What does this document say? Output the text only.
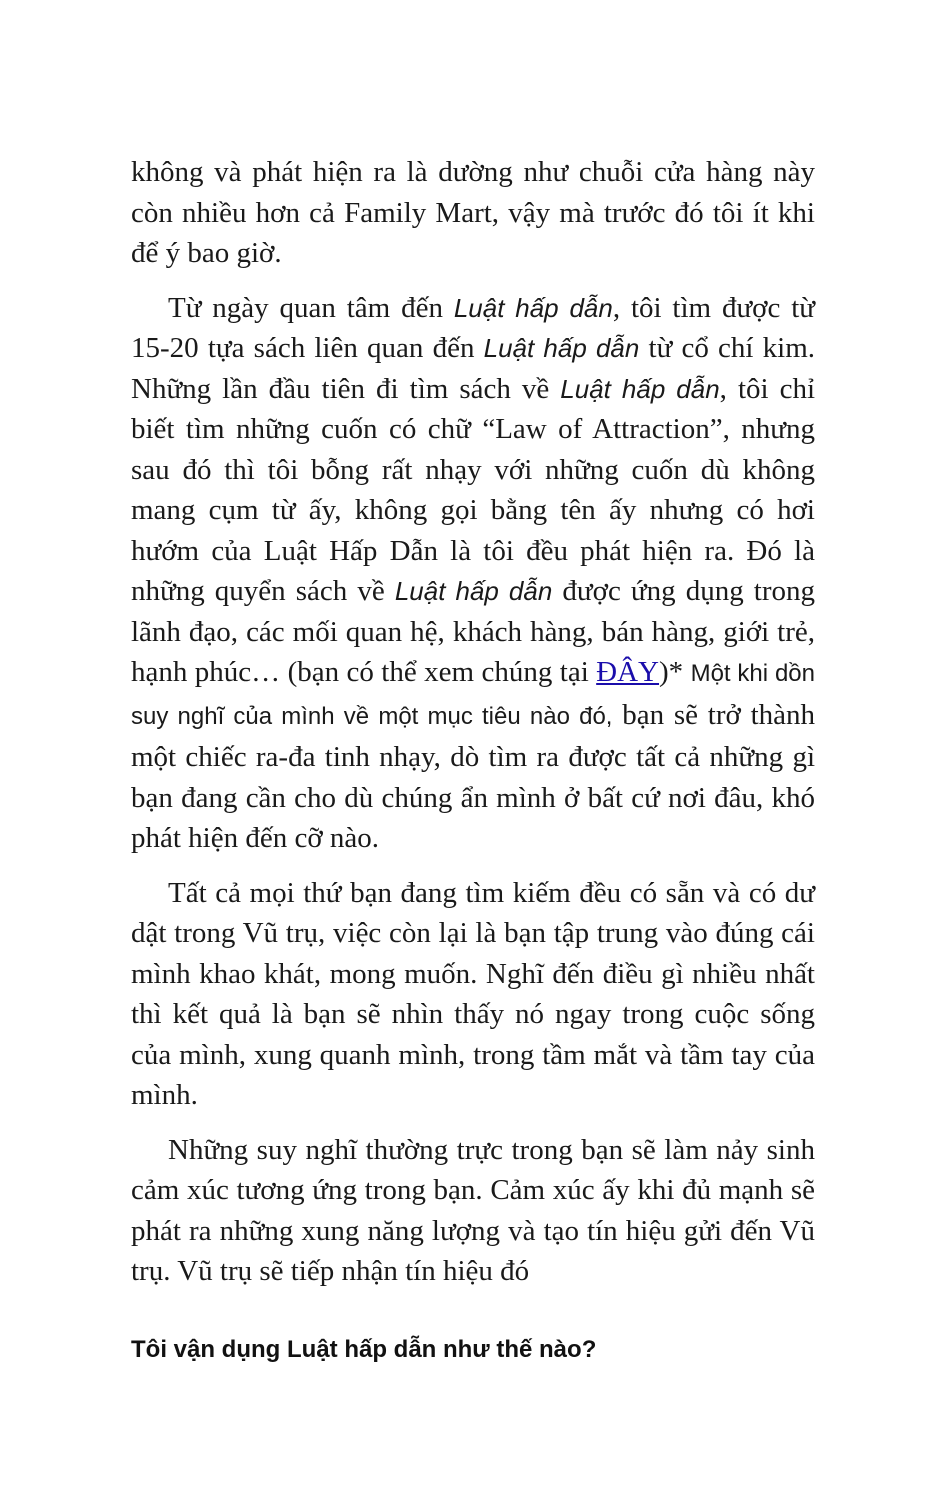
không và phát hiện ra là dường như chuỗi cửa hàng này còn nhiều hơn cả Family Mart, vậy mà trước đó tôi ít khi để ý bao giờ.

Từ ngày quan tâm đến Luật hấp dẫn, tôi tìm được từ 15-20 tựa sách liên quan đến Luật hấp dẫn từ cổ chí kim. Những lần đầu tiên đi tìm sách về Luật hấp dẫn, tôi chỉ biết tìm những cuốn có chữ “Law of Attraction”, nhưng sau đó thì tôi bỗng rất nhạy với những cuốn dù không mang cụm từ ấy, không gọi bằng tên ấy nhưng có hơi hướm của Luật Hấp Dẫn là tôi đều phát hiện ra. Đó là những quyển sách về Luật hấp dẫn được ứng dụng trong lãnh đạo, các mối quan hệ, khách hàng, bán hàng, giới trẻ, hạnh phúc… (bạn có thể xem chúng tại ĐÂY)* Một khi dồn suy nghĩ của mình về một mục tiêu nào đó, bạn sẽ trở thành một chiếc ra-đa tinh nhạy, dò tìm ra được tất cả những gì bạn đang cần cho dù chúng ẩn mình ở bất cứ nơi đâu, khó phát hiện đến cỡ nào.

Tất cả mọi thứ bạn đang tìm kiếm đều có sẵn và có dư dật trong Vũ trụ, việc còn lại là bạn tập trung vào đúng cái mình khao khát, mong muốn. Nghĩ đến điều gì nhiều nhất thì kết quả là bạn sẽ nhìn thấy nó ngay trong cuộc sống của mình, xung quanh mình, trong tầm mắt và tầm tay của mình.

Những suy nghĩ thường trực trong bạn sẽ làm nảy sinh cảm xúc tương ứng trong bạn. Cảm xúc ấy khi đủ mạnh sẽ phát ra những xung năng lượng và tạo tín hiệu gửi đến Vũ trụ. Vũ trụ sẽ tiếp nhận tín hiệu đó

Tôi vận dụng Luật hấp dẫn như thế nào?
